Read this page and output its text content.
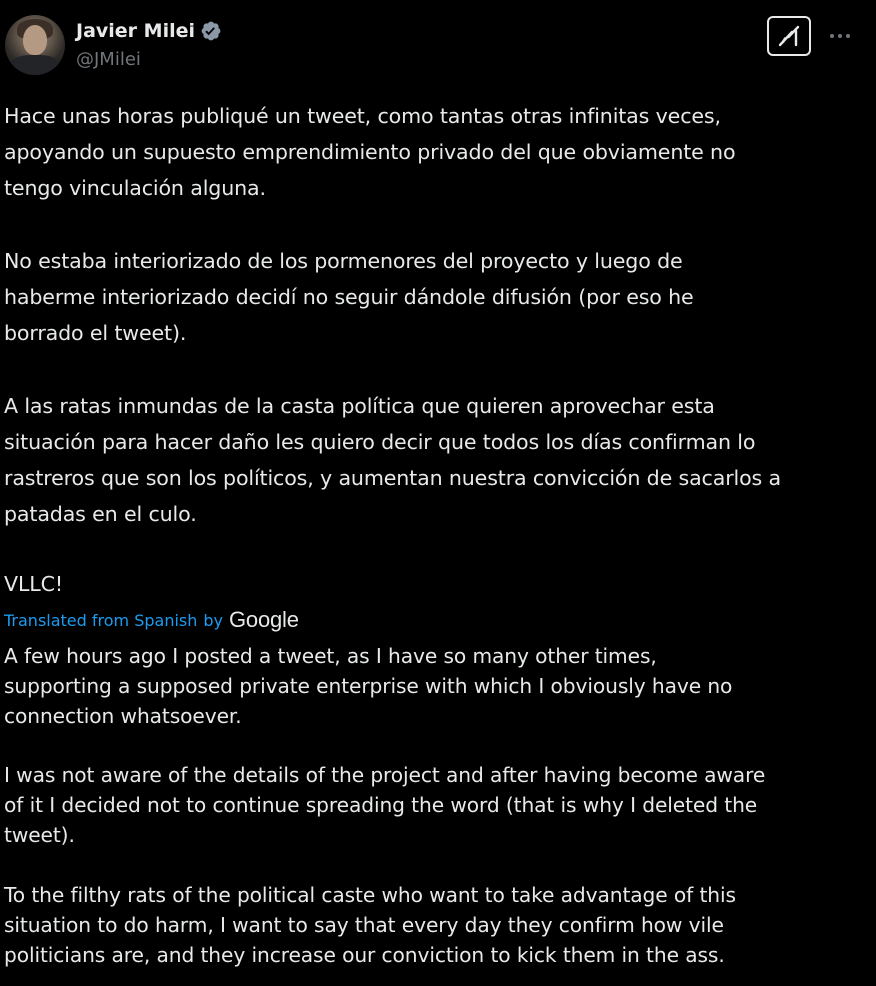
Javier Milei
@JMilei

Hace unas horas publiqué un tweet, como tantas otras infinitas veces,
apoyando un supuesto emprendimiento privado del que obviamente no
tengo vinculación alguna.

No estaba interiorizado de los pormenores del proyecto y luego de
haberme interiorizado decidí no seguir dándole difusión (por eso he
borrado el tweet).

A las ratas inmundas de la casta política que quieren aprovechar esta
situación para hacer daño les quiero decir que todos los días confirman lo
rastreros que son los políticos, y aumentan nuestra convicción de sacarlos a
patadas en el culo.

VLLC!

Translated from Spanish by Google

A few hours ago I posted a tweet, as I have so many other times,
supporting a supposed private enterprise with which I obviously have no
connection whatsoever.

I was not aware of the details of the project and after having become aware
of it I decided not to continue spreading the word (that is why I deleted the
tweet).

To the filthy rats of the political caste who want to take advantage of this
situation to do harm, I want to say that every day they confirm how vile
politicians are, and they increase our conviction to kick them in the ass.
